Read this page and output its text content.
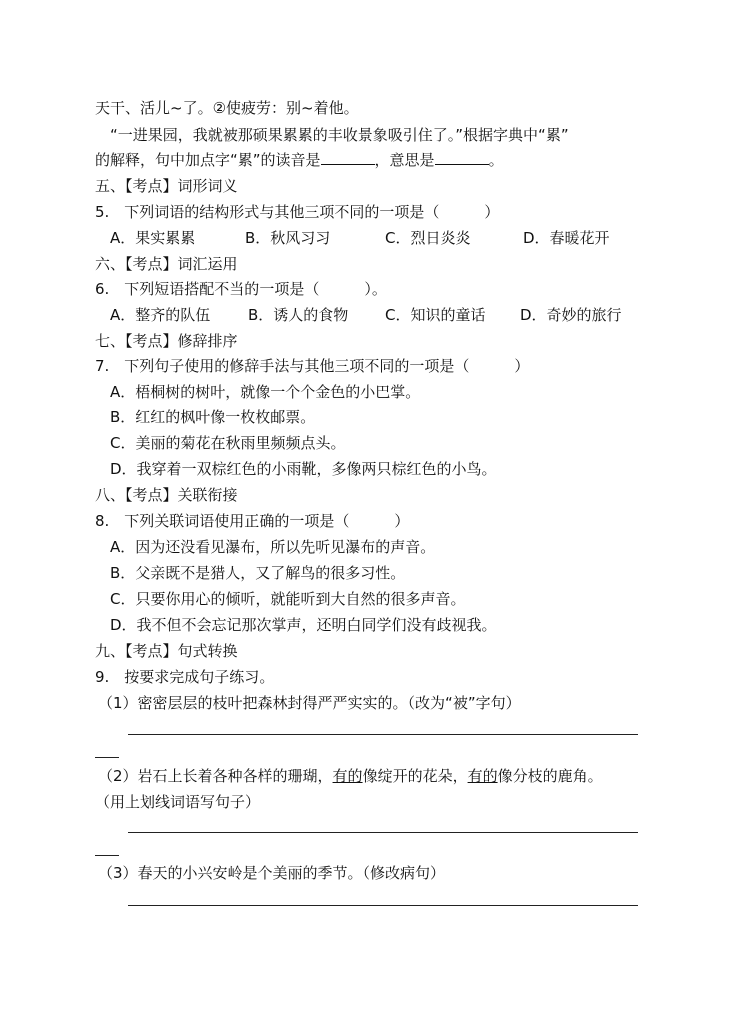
天干、活儿~了。②使疲劳：别~着他。
“一进果园，我就被那硕果累累的丰收景象吸引住了。”根据字典中“累”
的解释，句中加点字“累”的读音是	，意思是	。
五、【考点】词形词义
5.　下列词语的结构形式与其他三项不同的一项是（　　　）
A．果实累累	B．秋风习习	C．烈日炎炎	D．春暖花开
六、【考点】词汇运用
6.　下列短语搭配不当的一项是（　　　）。
A．整齐的队伍	B．诱人的食物 C．知识的童话 D．奇妙的旅行
七、【考点】修辞排序
7.　下列句子使用的修辞手法与其他三项不同的一项是（　　　）
A．梧桐树的树叶，就像一个个金色的小巴掌。
B．红红的枫叶像一枚枚邮票。
C．美丽的菊花在秋雨里频频点头。
D．我穿着一双棕红色的小雨靴，多像两只棕红色的小鸟。
八、【考点】关联衔接
8.　下列关联词语使用正确的一项是（　　　）
A．因为还没看见瀑布，所以先听见瀑布的声音。
B．父亲既不是猎人，又了解鸟的很多习性。
C．只要你用心的倾听，就能听到大自然的很多声音。
D．我不但不会忘记那次掌声，还明白同学们没有歧视我。
九、【考点】句式转换
9.　按要求完成句子练习。
（1）密密层层的枝叶把森林封得严严实实的。（改为“被”字句）
（2）岩石上长着各种各样的珊瑚，有的像绽开的花朵，有的像分枝的鹿角。
（用上划线词语写句子）
（3）春天的小兴安岭是个美丽的季节。（修改病句）
